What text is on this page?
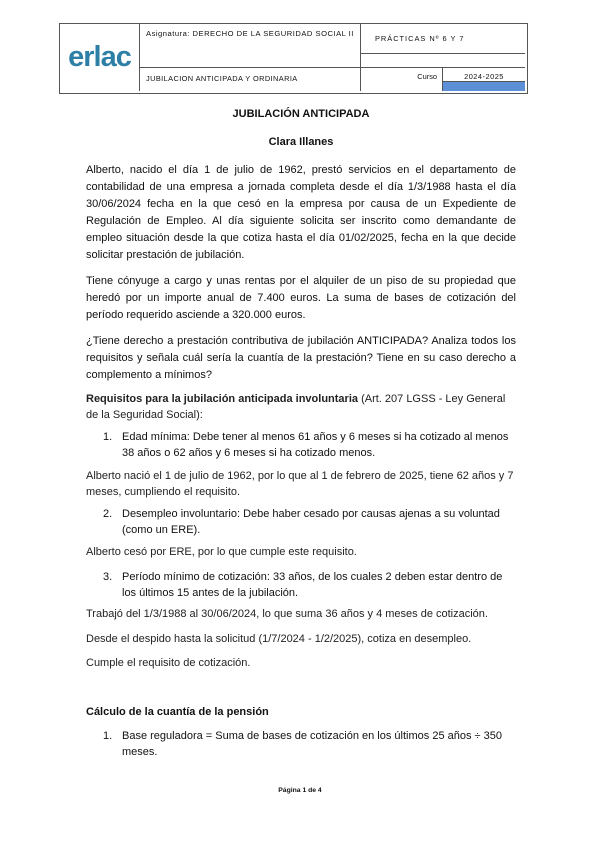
erlac
Asignatura: DERECHO DE LA SEGURIDAD SOCIAL II
JUBILACION ANTICIPADA Y ORDINARIA
PRÁCTICAS Nº 6 Y 7
Curso	2024-2025
JUBILACIÓN ANTICIPADA
Clara Illanes
Alberto, nacido el día 1 de julio de 1962, prestó servicios en el departamento de contabilidad de una empresa a jornada completa desde el día 1/3/1988 hasta el día 30/06/2024 fecha en la que cesó en la empresa por causa de un Expediente de Regulación de Empleo. Al día siguiente solicita ser inscrito como demandante de empleo situación desde la que cotiza hasta el día 01/02/2025, fecha en la que decide solicitar prestación de jubilación.
Tiene cónyuge a cargo y unas rentas por el alquiler de un piso de su propiedad que heredó por un importe anual de 7.400 euros. La suma de bases de cotización del período requerido asciende a 320.000 euros.
¿Tiene derecho a prestación contributiva de jubilación ANTICIPADA? Analiza todos los requisitos y señala cuál sería la cuantía de la prestación? Tiene en su caso derecho a complemento a mínimos?
Requisitos para la jubilación anticipada involuntaria (Art. 207 LGSS - Ley General de la Seguridad Social):
1. Edad mínima: Debe tener al menos 61 años y 6 meses si ha cotizado al menos 38 años o 62 años y 6 meses si ha cotizado menos.
Alberto nació el 1 de julio de 1962, por lo que al 1 de febrero de 2025, tiene 62 años y 7 meses, cumpliendo el requisito.
2. Desempleo involuntario: Debe haber cesado por causas ajenas a su voluntad (como un ERE).
Alberto cesó por ERE, por lo que cumple este requisito.
3. Período mínimo de cotización: 33 años, de los cuales 2 deben estar dentro de los últimos 15 antes de la jubilación.
Trabajó del 1/3/1988 al 30/06/2024, lo que suma 36 años y 4 meses de cotización.
Desde el despido hasta la solicitud (1/7/2024 - 1/2/2025), cotiza en desempleo.
Cumple el requisito de cotización.
Cálculo de la cuantía de la pensión
1. Base reguladora = Suma de bases de cotización en los últimos 25 años ÷ 350 meses.
Página 1 de 4
